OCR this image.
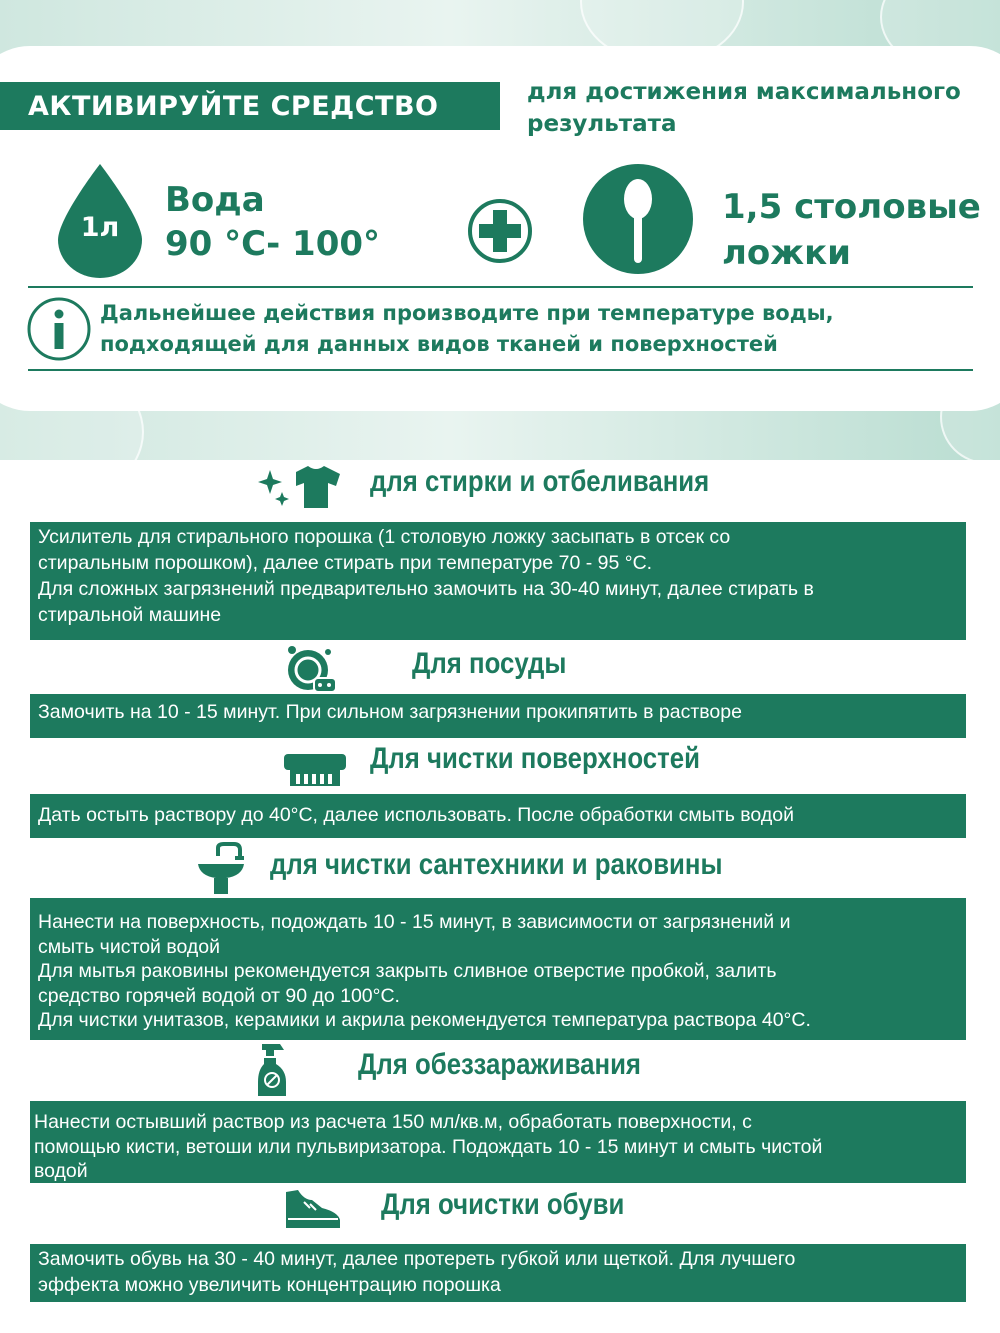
АКТИВИРУЙТЕ СРЕДСТВО	для достижения максимального результата
1л
Вода
90 °С- 100°
1,5 столовые
ложки
Дальнейшее действия производите при температуре воды,
подходящей для данных видов тканей и поверхностей
для стирки и отбеливания

Усилитель для стирального порошка (1 столовую ложку засыпать в отсек со

стиральным порошком), далее стирать при температуре 70 - 95 °С.

Для сложных загрязнений предварительно замочить на 30-40 минут, далее стирать в

стиральной машине

Для посуды

Замочить на 10 - 15 минут. При сильном загрязнении прокипятить в растворе

Для чистки поверхностей

Дать остыть раствору до 40°С, далее использовать. После обработки смыть водой

для чистки сантехники и раковины

Нанести на поверхность, подождать 10 - 15 минут, в зависимости от загрязнений и

смыть чистой водой

Для мытья раковины рекомендуется закрыть сливное отверстие пробкой, залить

средство горячей водой от 90 до 100°С.

Для чистки унитазов, керамики и акрила рекомендуется температура раствора 40°С.

Для обеззараживания

Нанести остывший раствор из расчета 150 мл/кв.м, обработать поверхности, с

помощью кисти, ветоши или пульвиризатора. Подождать 10 - 15 минут и смыть чистой

водой

Для очистки обуви

Замочить обувь на 30 - 40 минут, далее протереть губкой или щеткой. Для лучшего

эффекта можно увеличить концентрацию порошка
